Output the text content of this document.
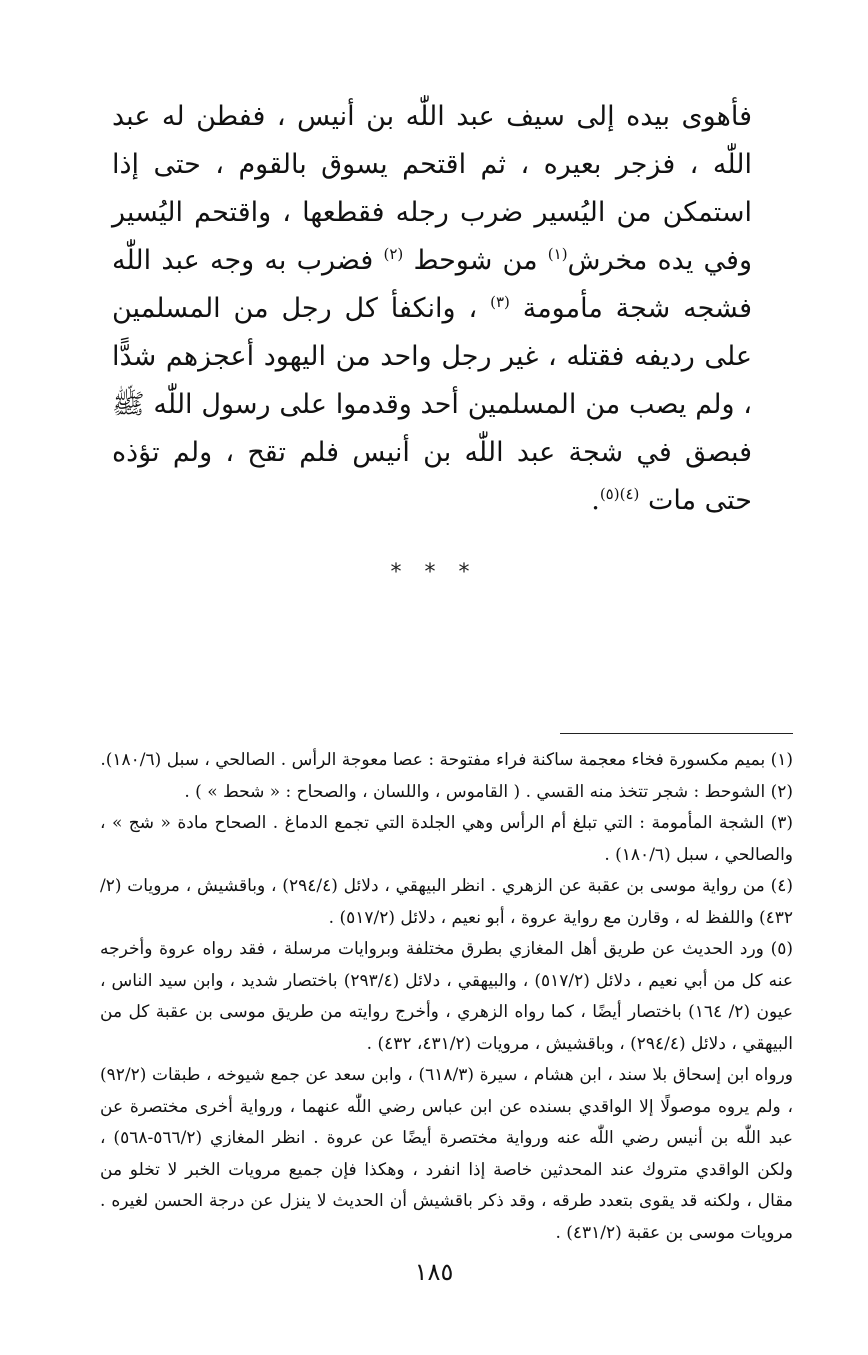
فأهوى بيده إلى سيف عبد اللّٰه بن أنيس ، ففطن له عبد اللّٰه ، فزجر بعيره ، ثم اقتحم يسوق بالقوم ، حتى إذا استمكن من اليُسير ضرب رجله فقطعها ، واقتحم اليُسير وفي يده مخرش$^{(١)}$ من شوحط $^{(٢)}$ فضرب به وجه عبد اللّٰه فشجه شجة مأمومة $^{(٣)}$ ، وانكفأ كل رجل من المسلمين على رديفه فقتله ، غير رجل واحد من اليهود أعجزهم شدًّا ، ولم يصب من المسلمين أحد وقدموا على رسول اللّٰه ﷺ فبصق في شجة عبد اللّٰه بن أنيس فلم تقح ، ولم تؤذه حتى مات $^{(٤)(٥)}$.

* * *

(١) بميم مكسورة فخاء معجمة ساكنة فراء مفتوحة : عصا معوجة الرأس . الصالحي ، سبل (١٨٠/٦).

(٢) الشوحط : شجر تتخذ منه القسي . ( القاموس ، واللسان ، والصحاح : « شحط » ) .

(٣) الشجة المأمومة : التي تبلغ أم الرأس وهي الجلدة التي تجمع الدماغ . الصحاح مادة « شج » ، والصالحي ، سبل (١٨٠/٦) .

(٤) من رواية موسى بن عقبة عن الزهري . انظر البيهقي ، دلائل (٢٩٤/٤) ، وباقشيش ، مرويات (٢/ ٤٣٢) واللفظ له ، وقارن مع رواية عروة ، أبو نعيم ، دلائل (٥١٧/٢) .

(٥) ورد الحديث عن طريق أهل المغازي بطرق مختلفة وبروايات مرسلة ، فقد رواه عروة وأخرجه عنه كل من أبي نعيم ، دلائل (٥١٧/٢) ، والبيهقي ، دلائل (٢٩٣/٤) باختصار شديد ، وابن سيد الناس ، عيون (٢/ ١٦٤) باختصار أيضًا ، كما رواه الزهري ، وأخرج روايته من طريق موسى بن عقبة كل من البيهقي ، دلائل (٢٩٤/٤) ، وباقشيش ، مرويات (٤٣١/٢، ٤٣٢) .

ورواه ابن إسحاق بلا سند ، ابن هشام ، سيرة (٦١٨/٣) ، وابن سعد عن جمع شيوخه ، طبقات (٩٢/٢) ، ولم يروه موصولًا إلا الواقدي بسنده عن ابن عباس رضي اللّٰه عنهما ، ورواية أخرى مختصرة عن عبد اللّٰه بن أنيس رضي اللّٰه عنه ورواية مختصرة أيضًا عن عروة . انظر المغازي (٥٦٦/٢-٥٦٨) ، ولكن الواقدي متروك عند المحدثين خاصة إذا انفرد ، وهكذا فإن جميع مرويات الخبر لا تخلو من مقال ، ولكنه قد يقوى بتعدد طرقه ، وقد ذكر باقشيش أن الحديث لا ينزل عن درجة الحسن لغيره . مرويات موسى بن عقبة (٤٣١/٢) .

١٨٥
